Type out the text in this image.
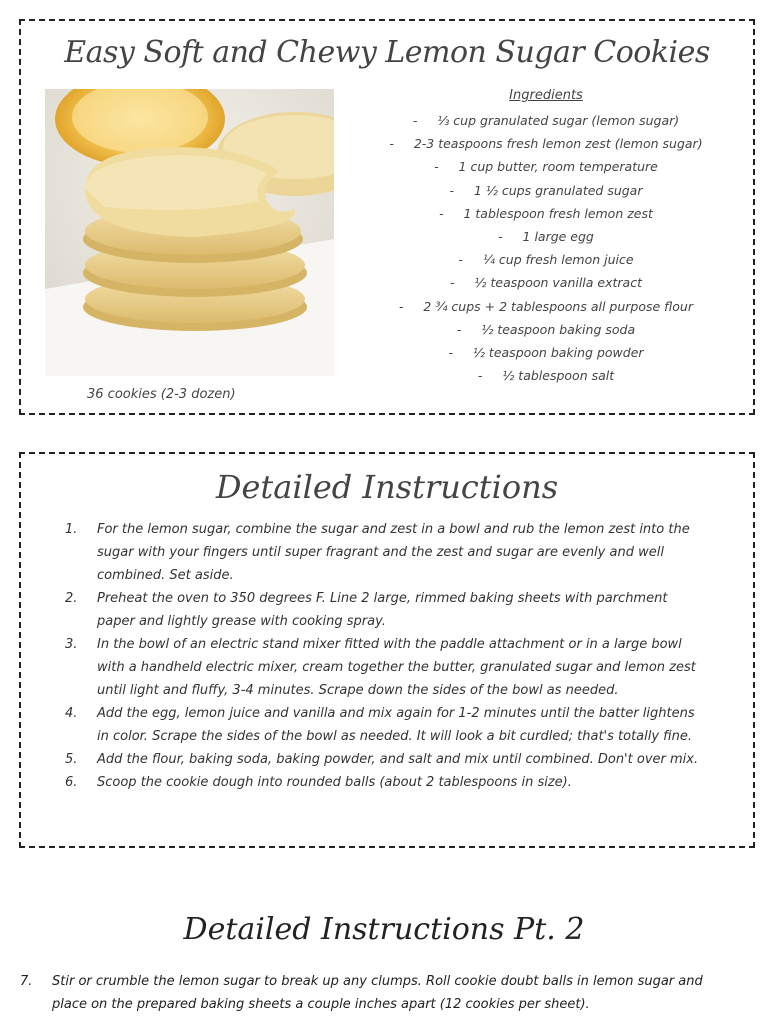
Easy Soft and Chewy Lemon Sugar Cookies
36 cookies (2-3 dozen)
Ingredients
-     ⅓ cup granulated sugar (lemon sugar)
-     2-3 teaspoons fresh lemon zest (lemon sugar)
-     1 cup butter, room temperature
-     1 ½ cups granulated sugar
-     1 tablespoon fresh lemon zest
-     1 large egg
-     ¼ cup fresh lemon juice
-     ½ teaspoon vanilla extract
-     2 ¾ cups + 2 tablespoons all purpose flour
-     ½ teaspoon baking soda
-     ½ teaspoon baking powder
-     ½ tablespoon salt
Detailed Instructions
1.	For the lemon sugar, combine the sugar and zest in a bowl and rub the lemon zest into the sugar with your fingers until super fragrant and the zest and sugar are evenly and well combined. Set aside.
2.	Preheat the oven to 350 degrees F. Line 2 large, rimmed baking sheets with parchment paper and lightly grease with cooking spray.
3.	In the bowl of an electric stand mixer fitted with the paddle attachment or in a large bowl with a handheld electric mixer, cream together the butter, granulated sugar and lemon zest until light and fluffy, 3-4 minutes. Scrape down the sides of the bowl as needed.
4.	Add the egg, lemon juice and vanilla and mix again for 1-2 minutes until the batter lightens in color. Scrape the sides of the bowl as needed. It will look a bit curdled; that's totally fine.
5.	Add the flour, baking soda, baking powder, and salt and mix until combined. Don't over mix.
6.	Scoop the cookie dough into rounded balls (about 2 tablespoons in size).
Detailed Instructions Pt. 2
7.	Stir or crumble the lemon sugar to break up any clumps. Roll cookie doubt balls in lemon sugar and place on the prepared baking sheets a couple inches apart (12 cookies per sheet).
